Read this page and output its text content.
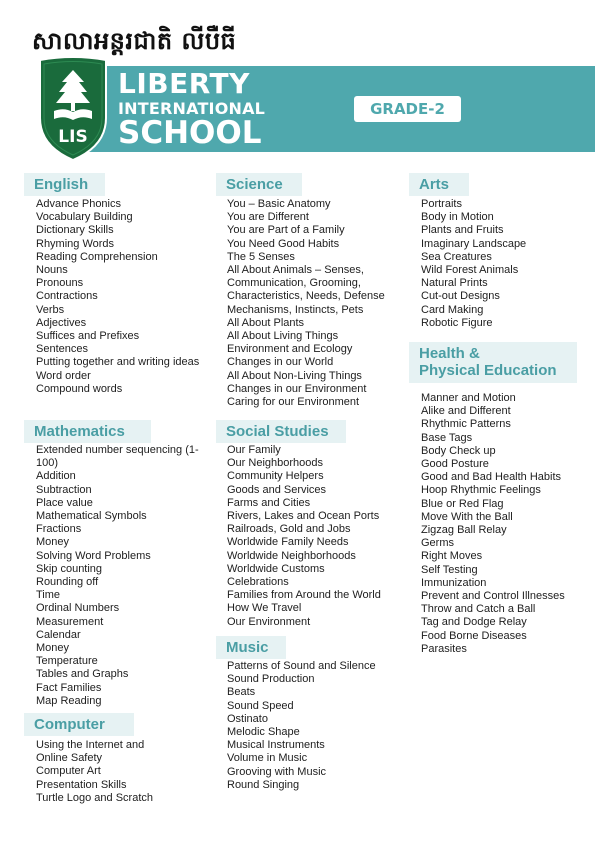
សាលាអន្តរជាតិ លីបឺធី
LIS
LIBERTY
INTERNATIONAL
SCHOOL
GRADE-2
English
Advance Phonics
Vocabulary Building
Dictionary Skills
Rhyming Words
Reading Comprehension
Nouns
Pronouns
Contractions
Verbs
Adjectives
Suffices and Prefixes
Sentences
Putting together and writing ideas
Word order
Compound words
Mathematics
Extended number sequencing (1-100)
Addition
Subtraction
Place value
Mathematical Symbols
Fractions
Money
Solving Word Problems
Skip counting
Rounding off
Time
Ordinal Numbers
Measurement
Calendar
Money
Temperature
Tables and Graphs
Fact Families
Map Reading
Computer
Using the Internet and Online Safety
Computer Art
Presentation Skills
Turtle Logo and Scratch
Science
You – Basic Anatomy
You are Different
You are Part of a Family
You Need Good Habits
The 5 Senses
All About Animals – Senses, Communication, Grooming, Characteristics, Needs, Defense Mechanisms, Instincts, Pets
All About Plants
All About Living Things
Environment and Ecology
Changes in our World
All About Non-Living Things
Changes in our Environment
Caring for our Environment
Social Studies
Our Family
Our Neighborhoods
Community Helpers
Goods and Services
Farms and Cities
Rivers, Lakes and Ocean Ports
Railroads, Gold and Jobs
Worldwide Family Needs
Worldwide Neighborhoods
Worldwide Customs
Celebrations
Families from Around the World
How We Travel
Our Environment
Music
Patterns of Sound and Silence
Sound Production
Beats
Sound Speed
Ostinato
Melodic Shape
Musical Instruments
Volume in Music
Grooving with Music
Round Singing
Arts
Portraits
Body in Motion
Plants and Fruits
Imaginary Landscape
Sea Creatures
Wild Forest Animals
Natural Prints
Cut-out Designs
Card Making
Robotic Figure
Health &
Physical Education
Manner and Motion
Alike and Different
Rhythmic Patterns
Base Tags
Body Check up
Good Posture
Good and Bad Health Habits
Hoop Rhythmic Feelings
Blue or Red Flag
Move With the Ball
Zigzag Ball Relay
Germs
Right Moves
Self Testing
Immunization
Prevent and Control Illnesses
Throw and Catch a Ball
Tag and Dodge Relay
Food Borne Diseases
Parasites
